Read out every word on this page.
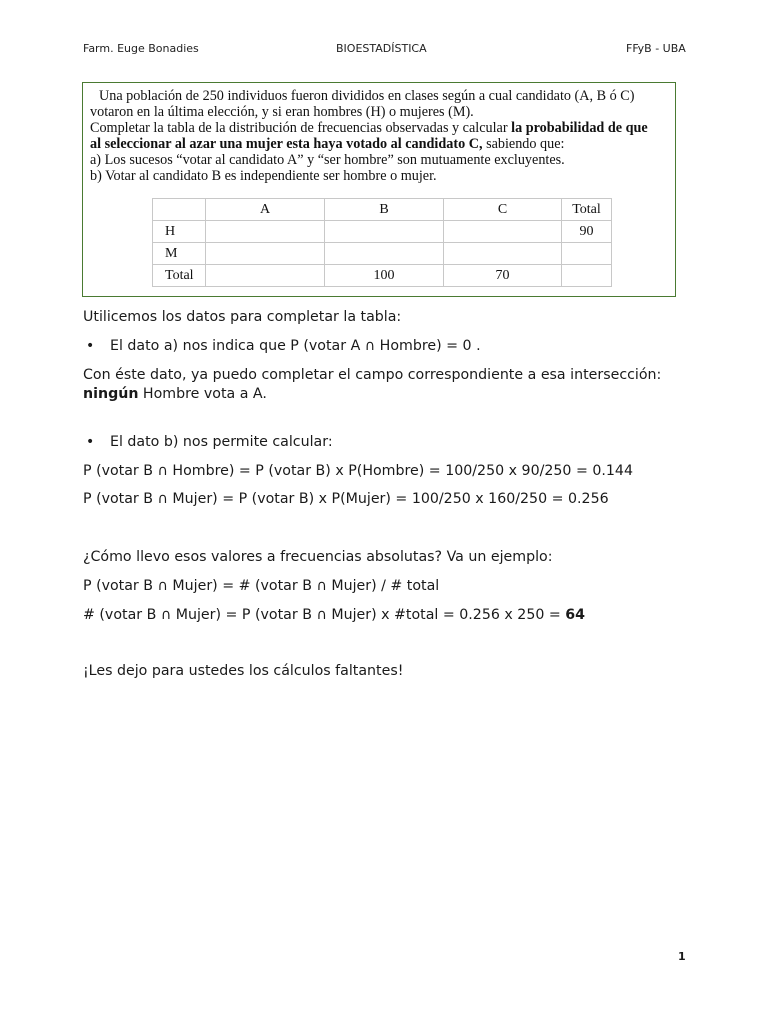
Farm. Euge Bonadies	BIOESTADÍSTICA	FFyB - UBA
Una población de 250 individuos fueron divididos en clases según a cual candidato (A, B ó C)
votaron en la última elección, y si eran hombres (H) o mujeres (M).
Completar la tabla de la distribución de frecuencias observadas y calcular la probabilidad de que
al seleccionar al azar una mujer esta haya votado al candidato C, sabiendo que:
a) Los sucesos “votar al candidato A” y “ser hombre” son mutuamente excluyentes.
b) Votar al candidato B es independiente ser hombre o mujer.
	A	B	C	Total
H				90
M				
Total		100	70	
Utilicemos los datos para completar la tabla:
• El dato a) nos indica que P (votar A ∩ Hombre) = 0 .
Con éste dato, ya puedo completar el campo correspondiente a esa intersección:
ningún Hombre vota a A.
• El dato b) nos permite calcular:
P (votar B ∩ Hombre) = P (votar B) x P(Hombre) = 100/250 x 90/250 = 0.144
P (votar B ∩ Mujer) = P (votar B) x P(Mujer) = 100/250 x 160/250 = 0.256
¿Cómo llevo esos valores a frecuencias absolutas? Va un ejemplo:
P (votar B ∩ Mujer) = # (votar B ∩ Mujer) / # total
# (votar B ∩ Mujer) = P (votar B ∩ Mujer) x #total = 0.256 x 250 = 64
¡Les dejo para ustedes los cálculos faltantes!
1
